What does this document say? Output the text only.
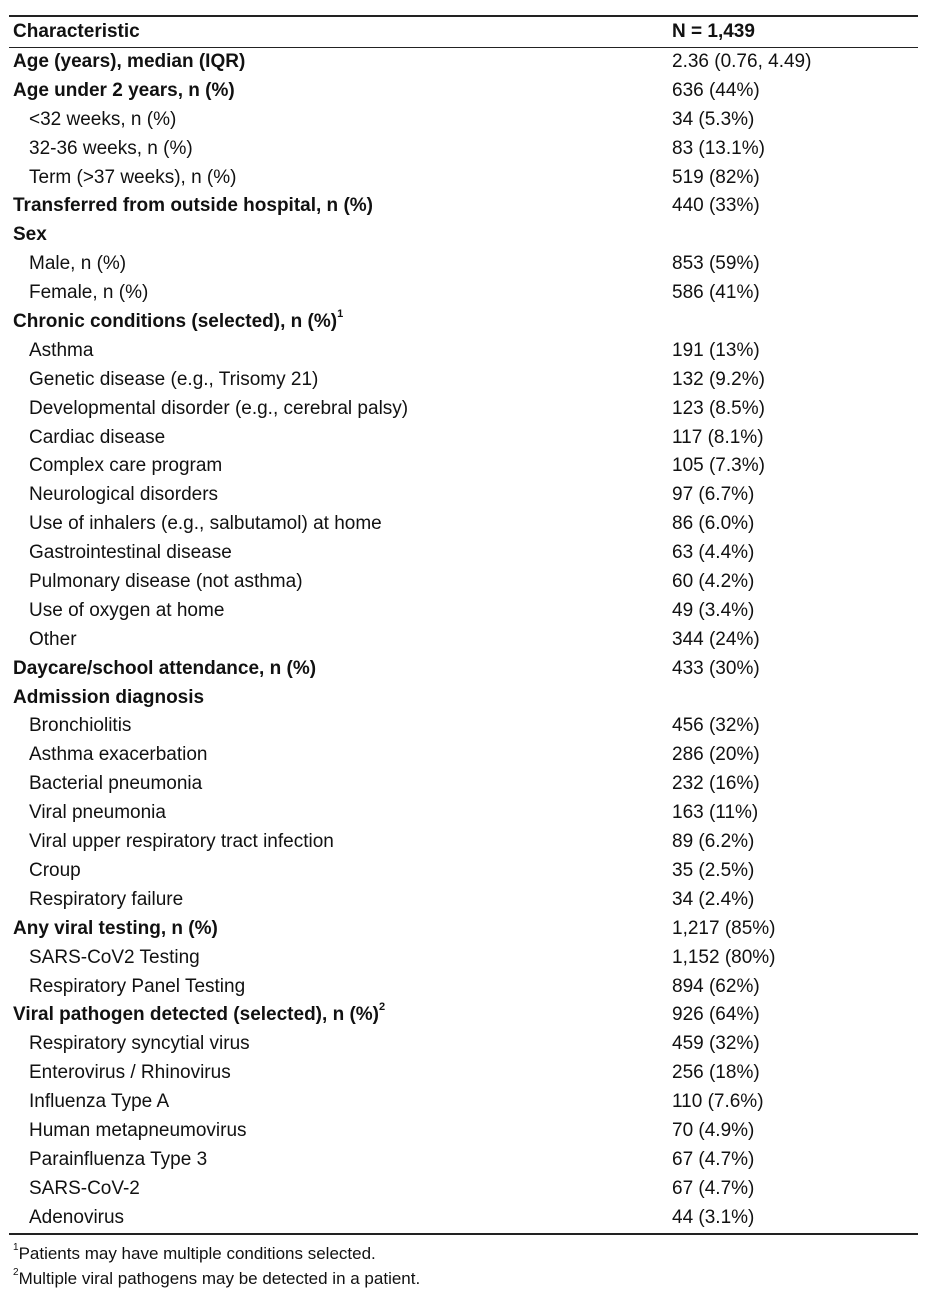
Characteristic	N = 1,439
Age (years), median (IQR)	2.36 (0.76, 4.49)
Age under 2 years, n (%)	636 (44%)
<32 weeks, n (%)	34 (5.3%)
32-36 weeks, n (%)	83 (13.1%)
Term (>37 weeks), n (%)	519 (82%)
Transferred from outside hospital, n (%)	440 (33%)
Sex
Male, n (%)	853 (59%)
Female, n (%)	586 (41%)
Chronic conditions (selected), n (%)$^1$
Asthma	191 (13%)
Genetic disease (e.g., Trisomy 21)	132 (9.2%)
Developmental disorder (e.g., cerebral palsy)	123 (8.5%)
Cardiac disease	117 (8.1%)
Complex care program	105 (7.3%)
Neurological disorders	97 (6.7%)
Use of inhalers (e.g., salbutamol) at home	86 (6.0%)
Gastrointestinal disease	63 (4.4%)
Pulmonary disease (not asthma)	60 (4.2%)
Use of oxygen at home	49 (3.4%)
Other	344 (24%)
Daycare/school attendance, n (%)	433 (30%)
Admission diagnosis
Bronchiolitis	456 (32%)
Asthma exacerbation	286 (20%)
Bacterial pneumonia	232 (16%)
Viral pneumonia	163 (11%)
Viral upper respiratory tract infection	89 (6.2%)
Croup	35 (2.5%)
Respiratory failure	34 (2.4%)
Any viral testing, n (%)	1,217 (85%)
SARS-CoV2 Testing	1,152 (80%)
Respiratory Panel Testing	894 (62%)
Viral pathogen detected (selected), n (%)$^2$	926 (64%)
Respiratory syncytial virus	459 (32%)
Enterovirus / Rhinovirus	256 (18%)
Influenza Type A	110 (7.6%)
Human metapneumovirus	70 (4.9%)
Parainfluenza Type 3	67 (4.7%)
SARS-CoV-2	67 (4.7%)
Adenovirus	44 (3.1%)
$^1$Patients may have multiple conditions selected.
$^2$Multiple viral pathogens may be detected in a patient.
